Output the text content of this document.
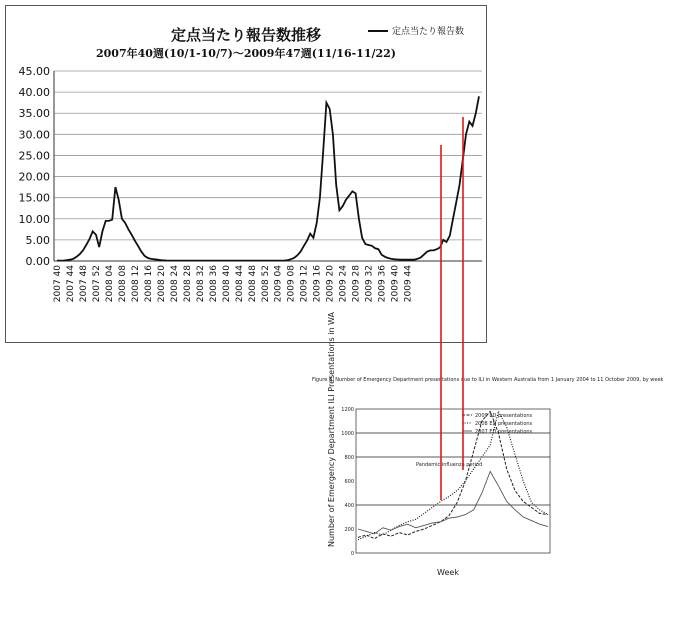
定点当たり報告数推移
2007年40週(10/1-10/7)〜2009年47週(11/16-11/22)
定点当たり報告数
0.00
5.00
10.00
15.00
20.00
25.00
30.00
35.00
40.00
45.00
2007 40 2007 44 2007 48 2007 52 2008 04 2008 08 2008 12 2008 16 2008 20 2008 24 2008 28 2008 32 2008 36 2008 40 2008 44 2008 48 2008 52 2009 04 2009 08 2009 12 2009 16 2009 20 2009 24 2009 28 2009 32 2009 36 2009 40 2009 44
Figure 6. Number of Emergency Department presentations due to ILI in Western Australia from 1 January 2004 to 11 October 2009, by week
0
200
400
600
800
1000
1200
2009 ED presentations
2008 ED presentations
2007 ED presentations
Pandemic influenza period
Week
Number of Emergency Department ILI Presentations in WA
